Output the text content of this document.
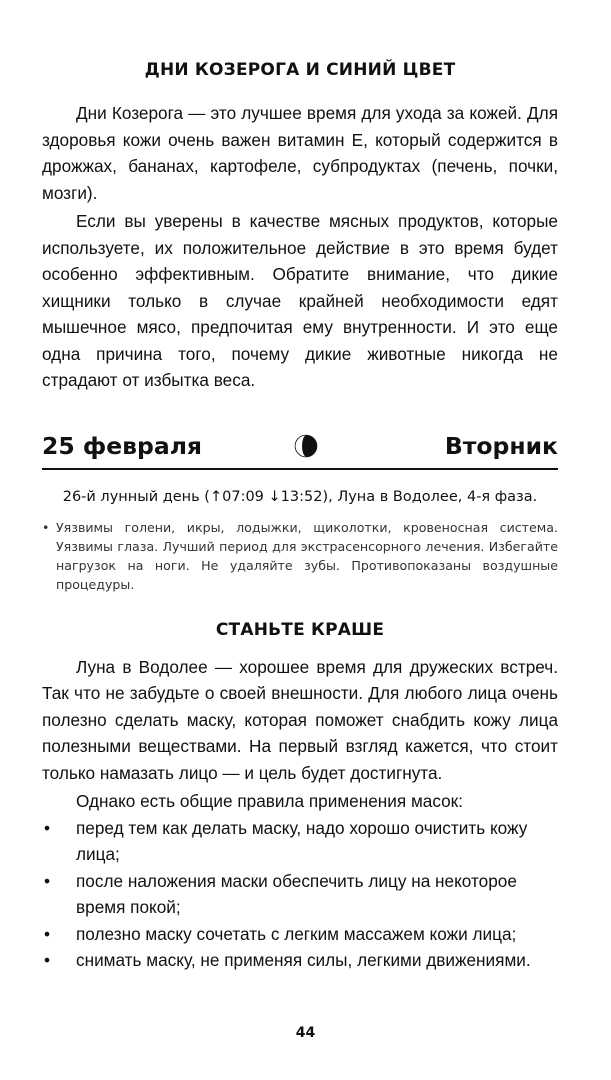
ДНИ КОЗЕРОГА И СИНИЙ ЦВЕТ

Дни Козерога — это лучшее время для ухода за кожей. Для здоровья кожи очень важен витамин Е, который содержится в дрожжах, бананах, картофеле, субпродуктах (печень, почки, мозги).

Если вы уверены в качестве мясных продуктов, которые используете, их положительное действие в это время будет особенно эффективным. Обратите внимание, что дикие хищники только в случае крайней необходимости едят мышечное мясо, предпочитая ему внутренности. И это еще одна причина того, почему дикие животные никогда не страдают от избытка веса.

25 февраля	Вторник

26-й лунный день (↑07:09 ↓13:52), Луна в Водолее, 4-я фаза.

• Уязвимы голени, икры, лодыжки, щиколотки, кровеносная система. Уязвимы глаза. Лучший период для экстрасенсорного лечения. Избегайте нагрузок на ноги. Не удаляйте зубы. Противопоказаны воздушные процедуры.
СТАНЬТЕ КРАШЕ

Луна в Водолее — хорошее время для дружеских встреч. Так что не забудьте о своей внешности. Для любого лица очень полезно сделать маску, которая поможет снабдить кожу лица полезными веществами. На первый взгляд кажется, что стоит только намазать лицо — и цель будет достигнута.

Однако есть общие правила применения масок:

• перед тем как делать маску, надо хорошо очистить кожу лица;
• после наложения маски обеспечить лицу на некоторое время покой;
• полезно маску сочетать с легким массажем кожи лица;
• снимать маску, не применяя силы, легкими движениями.
44
